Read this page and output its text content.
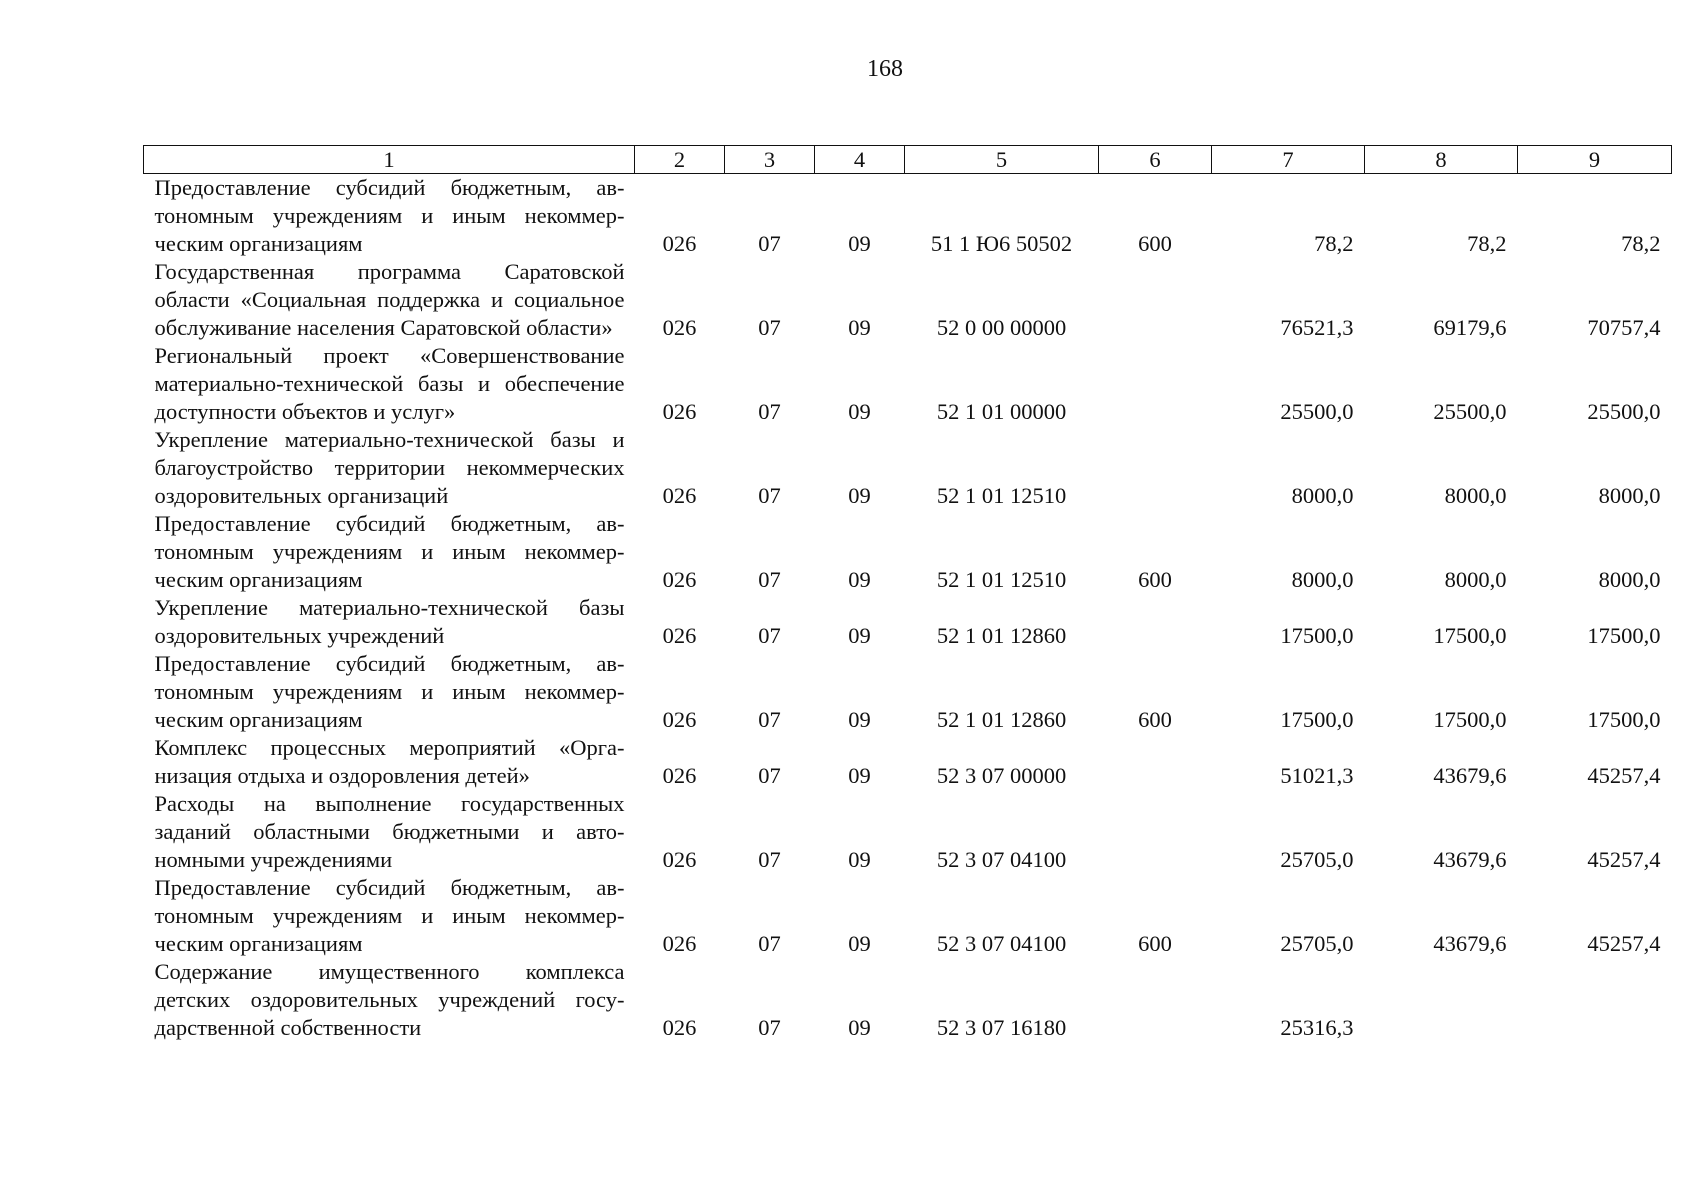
168
1	2	3	4	5	6	7	8	9
Предоставление субсидий бюджетным, автономным учреждениям и иным некоммерческим организациям	026	07	09	51 1 Ю6 50502	600	78,2	78,2	78,2
Государственная программа Саратовской области «Социальная поддержка и социальное обслуживание населения Саратовской области»	026	07	09	52 0 00 00000		76521,3	69179,6	70757,4
Региональный проект «Совершенствование материально-технической базы и обеспечение доступности объектов и услуг»	026	07	09	52 1 01 00000		25500,0	25500,0	25500,0
Укрепление материально-технической базы и благоустройство территории некоммерческих оздоровительных организаций	026	07	09	52 1 01 12510		8000,0	8000,0	8000,0
Предоставление субсидий бюджетным, автономным учреждениям и иным некоммерческим организациям	026	07	09	52 1 01 12510	600	8000,0	8000,0	8000,0
Укрепление материально-технической базы оздоровительных учреждений	026	07	09	52 1 01 12860		17500,0	17500,0	17500,0
Предоставление субсидий бюджетным, автономным учреждениям и иным некоммерческим организациям	026	07	09	52 1 01 12860	600	17500,0	17500,0	17500,0
Комплекс процессных мероприятий «Организация отдыха и оздоровления детей»	026	07	09	52 3 07 00000		51021,3	43679,6	45257,4
Расходы на выполнение государственных заданий областными бюджетными и автономными учреждениями	026	07	09	52 3 07 04100		25705,0	43679,6	45257,4
Предоставление субсидий бюджетным, автономным учреждениям и иным некоммерческим организациям	026	07	09	52 3 07 04100	600	25705,0	43679,6	45257,4
Содержание имущественного комплекса детских оздоровительных учреждений государственной собственности	026	07	09	52 3 07 16180		25316,3		
